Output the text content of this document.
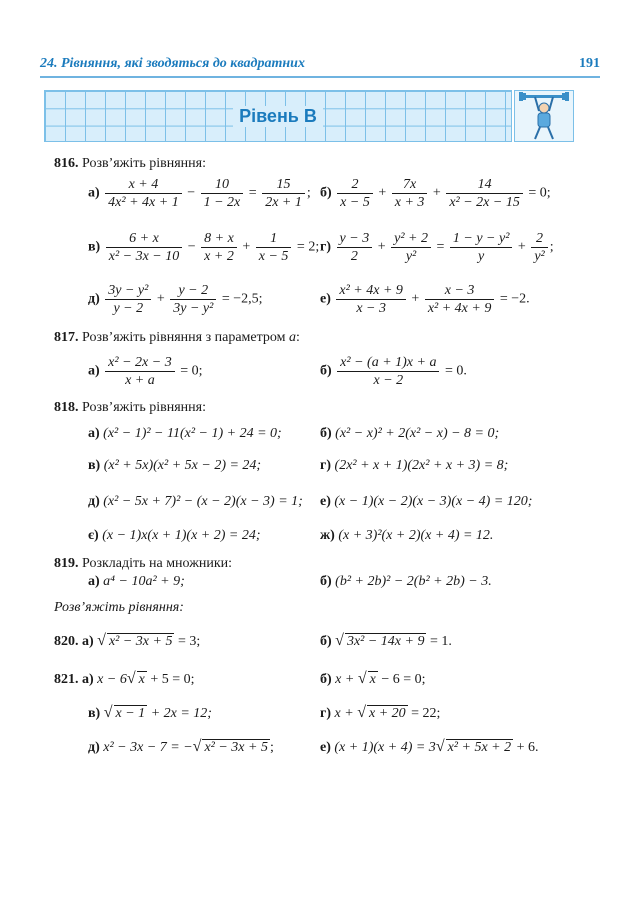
24. Рівняння, які зводяться до квадратних	191
Рівень В
816. Розв’яжіть рівняння:
$а) \frac{x + 4}{\text{4x² + 4x + 1}} - \frac{10}{1 - 2x} = \frac{15}{2x + 1}$ ; $б) \frac{2}{x - 5} + \frac{7x}{x + 3} + \frac{14}{\text{x² − 2x − 15}} = 0$;
$в) \frac{6 + x}{\text{x² − 3x − 10}} - \frac{8 + x}{x + 2} + \frac{1}{x - 5} = 2$; $г) \frac{y - 3}{2} + \frac{\text{y² + 2}}{\text{y²}} = \frac{\text{1 − y − y²}}{y} + \frac{2}{\text{y²}}$ ;
$д) \frac{\text{3y − y²}}{y - 2} + \frac{y - 2}{\text{3y − y²}} = -2,5$;	$е) \frac{\text{x² + 4x + 9}}{x - 3} + \frac{x - 3}{\text{x² + 4x + 9}} = -2$.
817. Розв’яжіть рівняння з параметром a:
$а) \frac{\text{x² − 2x − 3}}{x + a} = 0$;	$б) \frac{\text{x² − (a + 1)x + a}}{x - 2} = 0$.
818. Розв’яжіть рівняння:
а) (x² − 1)² − 11(x² − 1) + 24 = 0;	б) (x² − x)² + 2(x² − x) − 8 = 0;
в) (x² + 5x)(x² + 5x − 2) = 24;	г) (2x² + x + 1)(2x² + x + 3) = 8;
д) (x² − 5x + 7)² − (x − 2)(x − 3) = 1; е) (x − 1)(x − 2)(x − 3)(x − 4) = 120;
є) (x − 1)x(x + 1)(x + 2) = 24;	ж) (x + 3)²(x + 2)(x + 4) = 12.
819. Розкладіть на множники:
а) a⁴ − 10a² + 9;	б) (b² + 2b)² − 2(b² + 2b) − 3.
Розв’яжіть рівняння:
820. а) √ x² − 3x + 5 = 3;	б) √ 3x² − 14x + 9 = 1.
821. а) x − 6√ x + 5 = 0;	б) x + √ x − 6 = 0;
в) √ x − 1 + 2x = 12;	г) x + √ x + 20 = 22;
д) x² − 3x − 7 = −√ x² − 3x + 5 ;	е) (x + 1)(x + 4) = 3√ x² + 5x + 2 + 6.
